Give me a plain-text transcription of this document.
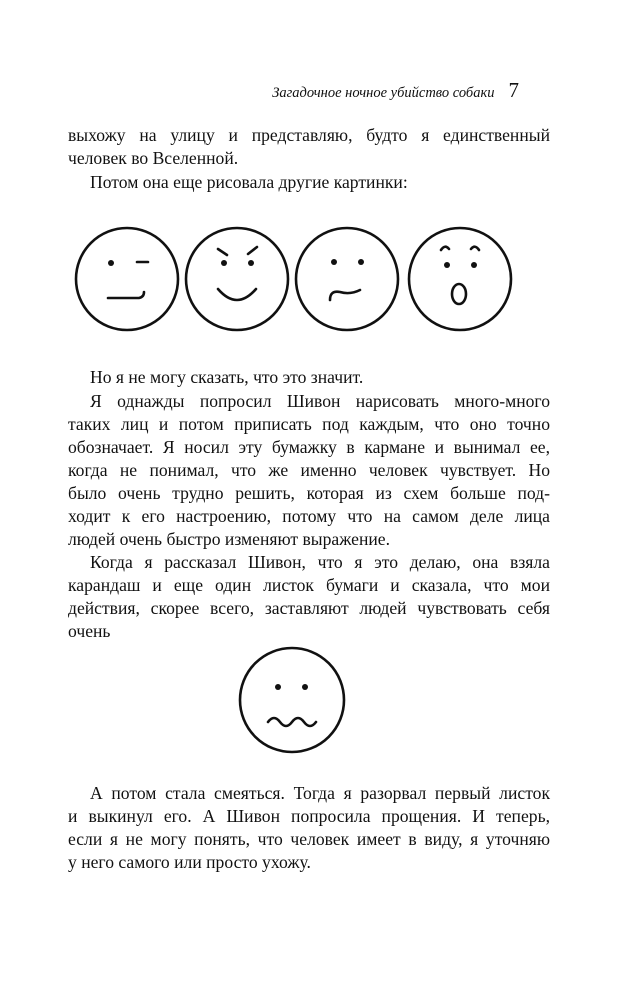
Загадочное ночное убийство собаки 7

выхожу на улицу и представляю, будто я единственный
человек во Вселенной.

Потом она еще рисовала другие картинки:

Но я не могу сказать, что это значит.

Я однажды попросил Шивон нарисовать много-много
таких лиц и потом приписать под каждым, что оно точно
обозначает. Я носил эту бумажку в кармане и вынимал ее,
когда не понимал, что же именно человек чувствует. Но
было очень трудно решить, которая из схем больше под-
ходит к его настроению, потому что на самом деле лица
людей очень быстро изменяют выражение.

Когда я рассказал Шивон, что я это делаю, она взяла
карандаш и еще один листок бумаги и сказала, что мои
действия, скорее всего, заставляют людей чувствовать себя
очень

А потом стала смеяться. Тогда я разорвал первый листок
и выкинул его. А Шивон попросила прощения. И теперь,
если я не могу понять, что человек имеет в виду, я уточняю
у него самого или просто ухожу.
